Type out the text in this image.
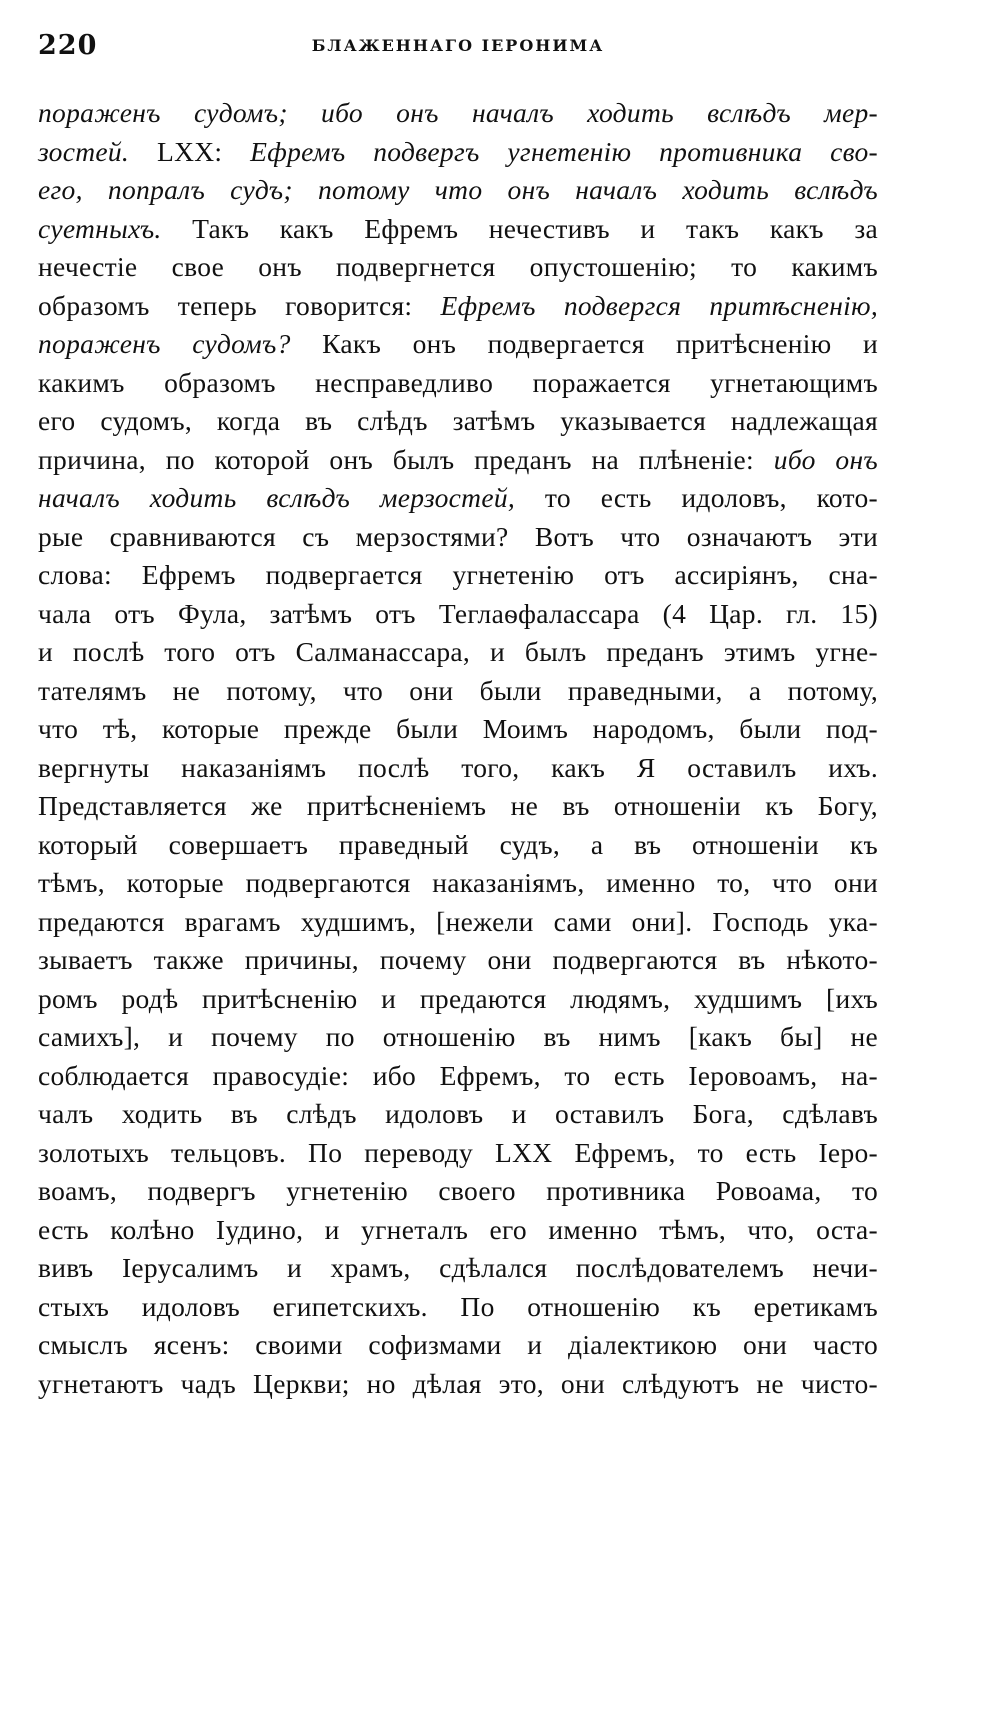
220	БЛАЖЕННАГО ІЕРОНИМА
пораженъ судомъ; ибо онъ началъ ходить вслѣдъ мер-
зостей. LXX: Ефремъ подвергъ угнетенію противника сво-
его, попралъ судъ; потому что онъ началъ ходить вслѣдъ
суетныхъ. Такъ какъ Ефремъ нечестивъ и такъ какъ за
нечестіе свое онъ подвергнется опустошенію; то какимъ
образомъ теперь говорится: Ефремъ подвергся притѣсненію,
пораженъ судомъ? Какъ онъ подвергается притѣсненію и
какимъ образомъ несправедливо поражается угнетающимъ
его судомъ, когда въ слѣдъ затѣмъ указывается надлежащая
причина, по которой онъ былъ преданъ на плѣненіе: ибо онъ
началъ ходить вслѣдъ мерзостей, то есть идоловъ, кото-
рые сравниваются съ мерзостями? Вотъ что означаютъ эти
слова: Ефремъ подвергается угнетенію отъ ассиріянъ, сна-
чала отъ Фула, затѣмъ отъ Теглаѳфаласcара (4 Цар. гл. 15)
и послѣ того отъ Салманассара, и былъ преданъ этимъ угне-
тателямъ не потому, что они были праведными, а потому,
что тѣ, которые прежде были Моимъ народомъ, были под-
вергнуты наказаніямъ послѣ того, какъ Я оставилъ ихъ.
Представляется же притѣсненіемъ не въ отношеніи къ Богу,
который совершаетъ праведный судъ, а въ отношеніи къ
тѣмъ, которые подвергаются наказаніямъ, именно то, что они
предаются врагамъ худшимъ, [нежели сами они]. Господь ука-
зываетъ также причины, почему они подвергаются въ нѣкото-
ромъ родѣ притѣсненію и предаются людямъ, худшимъ [ихъ
самихъ], и почему по отношенію въ нимъ [какъ бы] не
соблюдается правосудіе: ибо Ефремъ, то есть Іеровоамъ, на-
чалъ ходить въ слѣдъ идоловъ и оставилъ Бога, сдѣлавъ
золотыхъ тельцовъ. По переводу LXX Ефремъ, то есть Іеро-
воамъ, подвергъ угнетенію своего противника Ровоама, то
есть колѣно Іудино, и угнеталъ его именно тѣмъ, что, оста-
вивъ Іерусалимъ и храмъ, сдѣлался послѣдователемъ нечи-
стыхъ идоловъ египетскихъ. По отношенію къ еретикамъ
смыслъ ясенъ: своими софизмами и діалектикою они часто
угнетаютъ чадъ Церкви; но дѣлая это, они слѣдуютъ не чисто-
